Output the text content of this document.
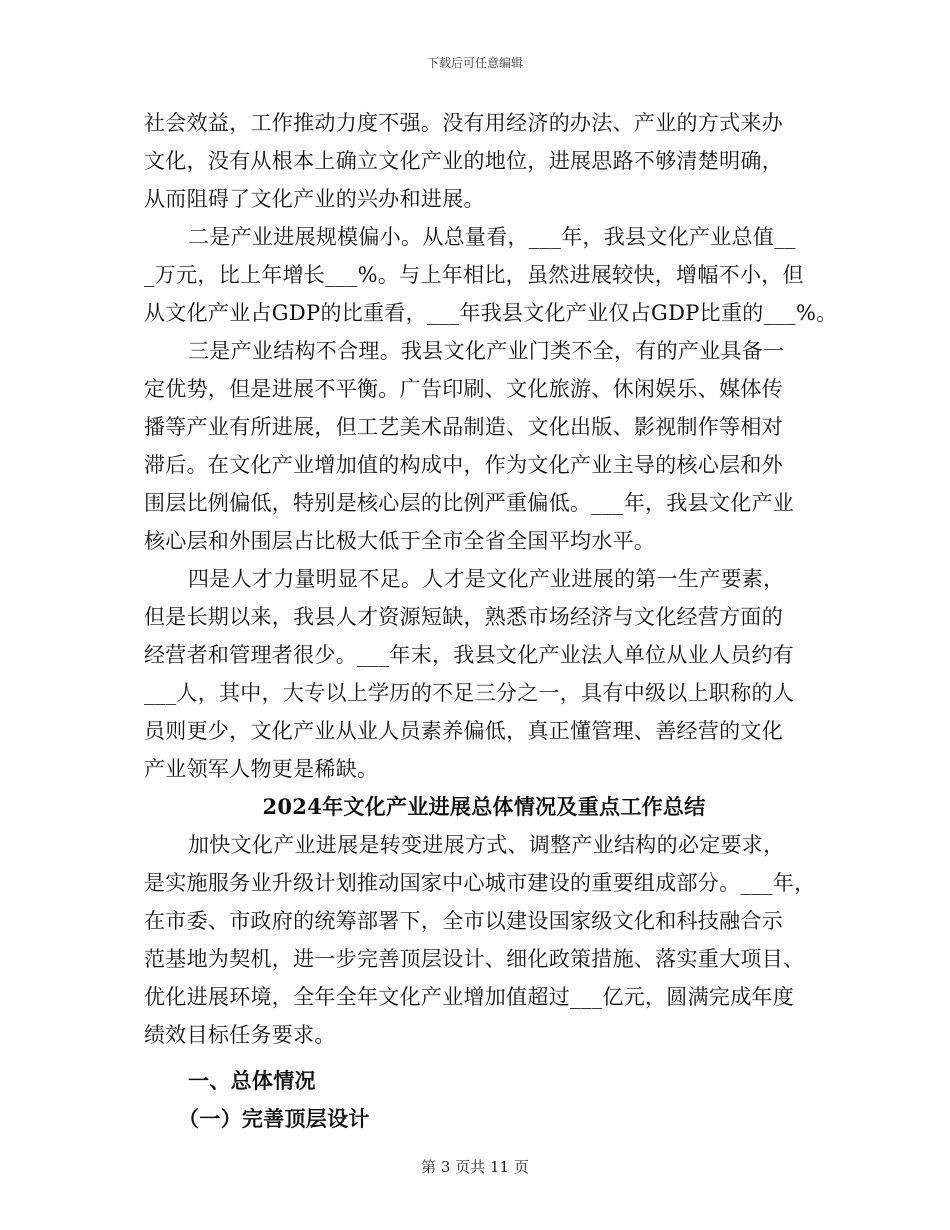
下载后可任意编辑
社会效益，工作推动力度不强。没有用经济的办法、产业的方式来办
文化，没有从根本上确立文化产业的地位，进展思路不够清楚明确，
从而阻碍了文化产业的兴办和进展。
二是产业进展规模偏小。从总量看，___年，我县文化产业总值__
_万元，比上年增长___%。与上年相比，虽然进展较快，增幅不小，但
从文化产业占GDP的比重看，___年我县文化产业仅占GDP比重的___%。
三是产业结构不合理。我县文化产业门类不全，有的产业具备一
定优势，但是进展不平衡。广告印刷、文化旅游、休闲娱乐、媒体传
播等产业有所进展，但工艺美术品制造、文化出版、影视制作等相对
滞后。在文化产业增加值的构成中，作为文化产业主导的核心层和外
围层比例偏低，特别是核心层的比例严重偏低。___年，我县文化产业
核心层和外围层占比极大低于全市全省全国平均水平。
四是人才力量明显不足。人才是文化产业进展的第一生产要素，
但是长期以来，我县人才资源短缺，熟悉市场经济与文化经营方面的
经营者和管理者很少。___年末，我县文化产业法人单位从业人员约有
___人，其中，大专以上学历的不足三分之一，具有中级以上职称的人
员则更少，文化产业从业人员素养偏低，真正懂管理、善经营的文化
产业领军人物更是稀缺。
2024年文化产业进展总体情况及重点工作总结
加快文化产业进展是转变进展方式、调整产业结构的必定要求，
是实施服务业升级计划推动国家中心城市建设的重要组成部分。___年，
在市委、市政府的统筹部署下，全市以建设国家级文化和科技融合示
范基地为契机，进一步完善顶层设计、细化政策措施、落实重大项目、
优化进展环境，全年全年文化产业增加值超过___亿元，圆满完成年度
绩效目标任务要求。
一、总体情况
（一）完善顶层设计
第 3 页共 11 页
